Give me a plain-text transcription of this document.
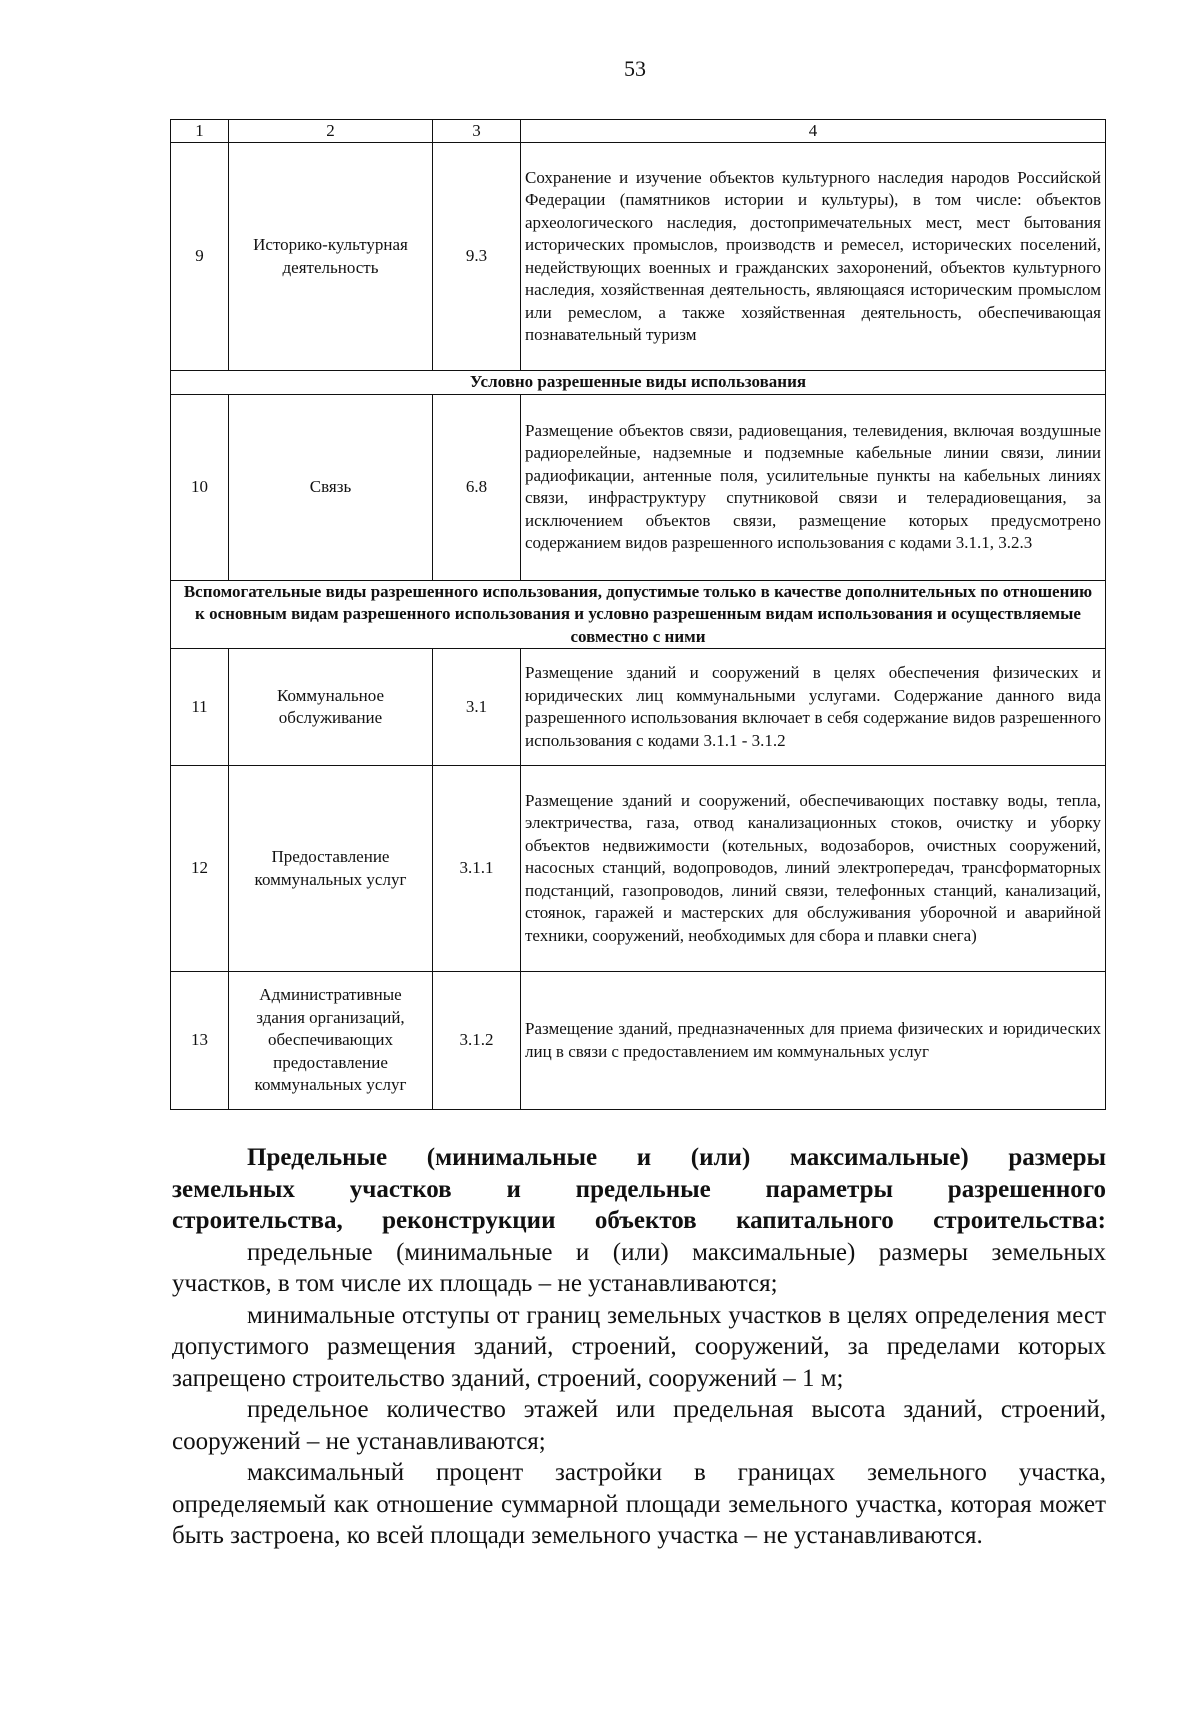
53
1	2	3	4
9	Историко-культурная деятельность	9.3	Сохранение и изучение объектов культурного наследия народов Российской Федерации (памятников истории и культуры), в том числе: объектов археологического наследия, достопримечательных мест, мест бытования исторических промыслов, производств и ремесел, исторических поселений, недействующих военных и гражданских захоронений, объектов культурного наследия, хозяйственная деятельность, являющаяся историческим промыслом или ремеслом, а также хозяйственная деятельность, обеспечивающая познавательный туризм
Условно разрешенные виды использования			
10	Связь	6.8	Размещение объектов связи, радиовещания, телевидения, включая воздушные радиорелейные, надземные и подземные кабельные линии связи, линии радиофикации, антенные поля, усилительные пункты на кабельных линиях связи, инфраструктуру спутниковой связи и телерадиовещания, за исключением объектов связи, размещение которых предусмотрено содержанием видов разрешенного использования с кодами 3.1.1, 3.2.3
Вспомогательные виды разрешенного использования, допустимые только в качестве дополнительных по отношению к основным видам разрешенного использования и условно разрешенным видам использования и осуществляемые совместно с ними			
11	Коммунальное обслуживание	3.1	Размещение зданий и сооружений в целях обеспечения физических и юридических лиц коммунальными услугами. Содержание данного вида разрешенного использования включает в себя содержание видов разрешенного использования с кодами 3.1.1 - 3.1.2
12	Предоставление коммунальных услуг	3.1.1	Размещение зданий и сооружений, обеспечивающих поставку воды, тепла, электричества, газа, отвод канализационных стоков, очистку и уборку объектов недвижимости (котельных, водозаборов, очистных сооружений, насосных станций, водопроводов, линий электропередач, трансформаторных подстанций, газопроводов, линий связи, телефонных станций, канализаций, стоянок, гаражей и мастерских для обслуживания уборочной и аварийной техники, сооружений, необходимых для сбора и плавки снега)
13	Административные здания организаций, обеспечивающих предоставление коммунальных услуг	3.1.2	Размещение зданий, предназначенных для приема физических и юридических лиц в связи с предоставлением им коммунальных услуг
Предельные (минимальные и (или) максимальные) размеры
земельных участков и предельные параметры разрешенного
строительства, реконструкции объектов капитального строительства:

предельные (минимальные и (или) максимальные) размеры земельных участков, в том числе их площадь – не устанавливаются;

минимальные отступы от границ земельных участков в целях определения мест допустимого размещения зданий, строений, сооружений, за пределами которых запрещено строительство зданий, строений, сооружений – 1 м;

предельное количество этажей или предельная высота зданий, строений, сооружений – не устанавливаются;

максимальный процент застройки в границах земельного участка, определяемый как отношение суммарной площади земельного участка, которая может быть застроена, ко всей площади земельного участка – не устанавливаются.
